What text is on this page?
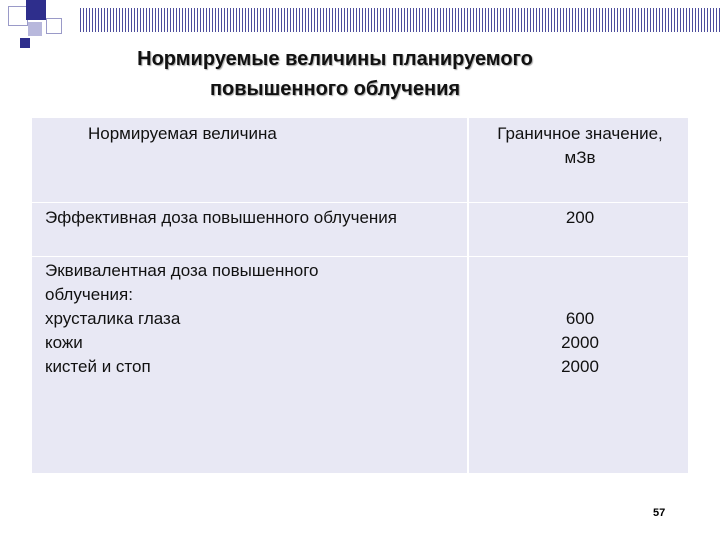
Нормируемые величины планируемого
повышенного облучения
Нормируемая величина	Граничное значение,
мЗв
Эффективная доза повышенного облучения	200
Эквивалентная доза повышенного
облучения:
хрусталика глаза
кожи
кистей и стоп
600
2000
2000
57
